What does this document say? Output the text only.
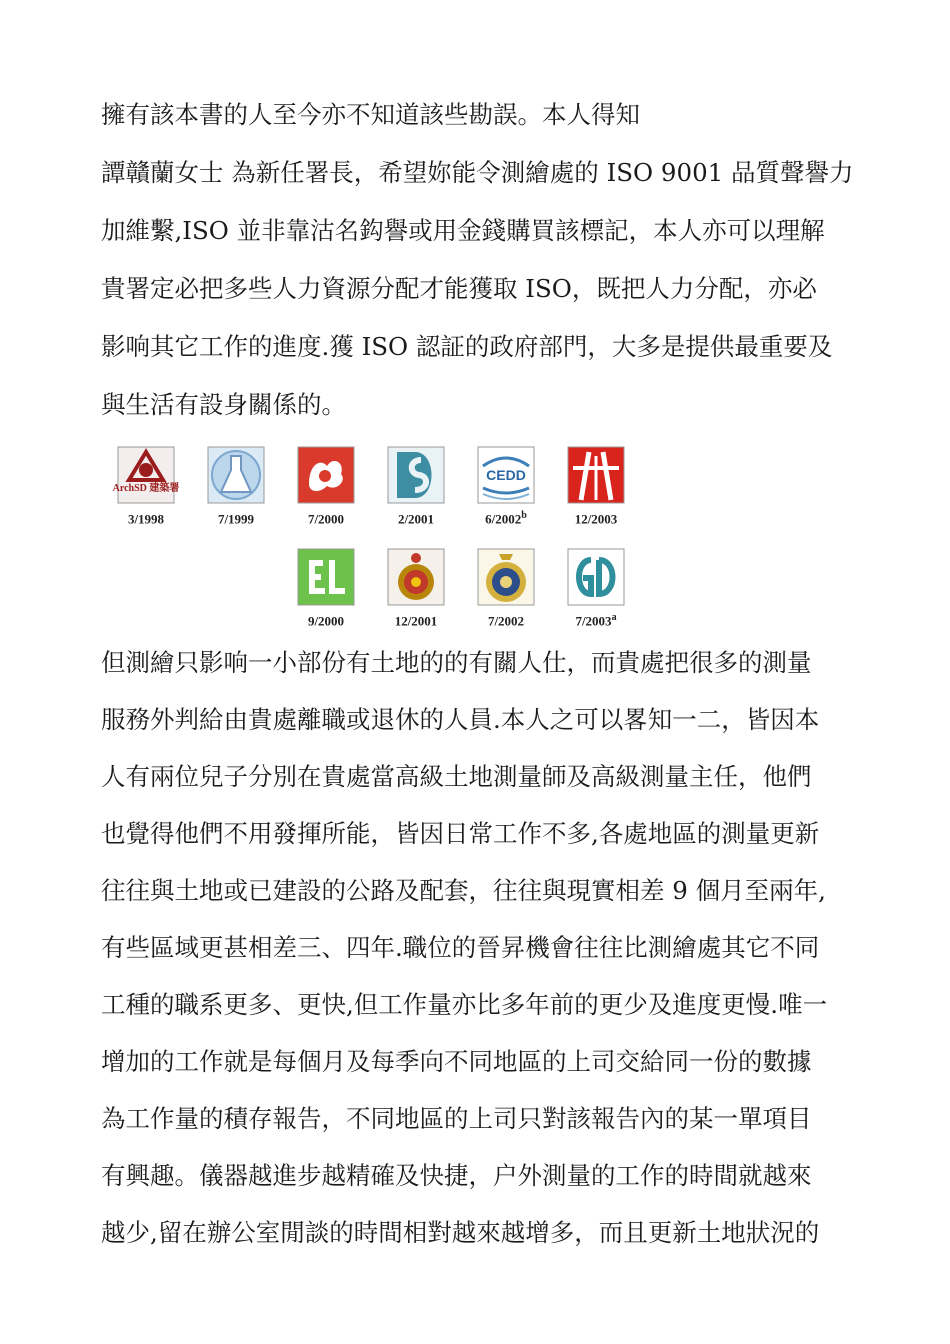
擁有該本書的人至今亦不知道該些勘誤。本人得知
譚贛蘭女士 為新任署長，希望妳能令測繪處的 ISO 9001 品質聲譽力
加維繫,ISO 並非靠沽名鈎譽或用金錢購買該標記，本人亦可以理解
貴署定必把多些人力資源分配才能獲取 ISO，既把人力分配，亦必
影响其它工作的進度.獲 ISO 認証的政府部門，大多是提供最重要及
與生活有設身關係的。
ArchSD 建築署
3/1998	7/1999	7/2000	2/2001
CEDD
6/2002$^b$	12/2003
9/2000	12/2001	7/2002	7/2003$^a$
但測繪只影响一小部份有土地的的有關人仕，而貴處把很多的測量
服務外判給由貴處離職或退休的人員.本人之可以畧知一二，皆因本
人有兩位兒子分別在貴處當高級土地測量師及高級測量主任，他們
也覺得他們不用發揮所能，皆因日常工作不多,各處地區的測量更新
往往與土地或已建設的公路及配套，往往與現實相差 9 個月至兩年,
有些區域更甚相差三、四年.職位的晉昇機會往往比測繪處其它不同
工種的職系更多、更快,但工作量亦比多年前的更少及進度更慢.唯一
增加的工作就是每個月及每季向不同地區的上司交給同一份的數據
為工作量的積存報告，不同地區的上司只對該報告內的某一單項目
有興趣。儀器越進步越精確及快捷，户外測量的工作的時間就越來
越少,留在辦公室閒談的時間相對越來越增多，而且更新土地狀況的
